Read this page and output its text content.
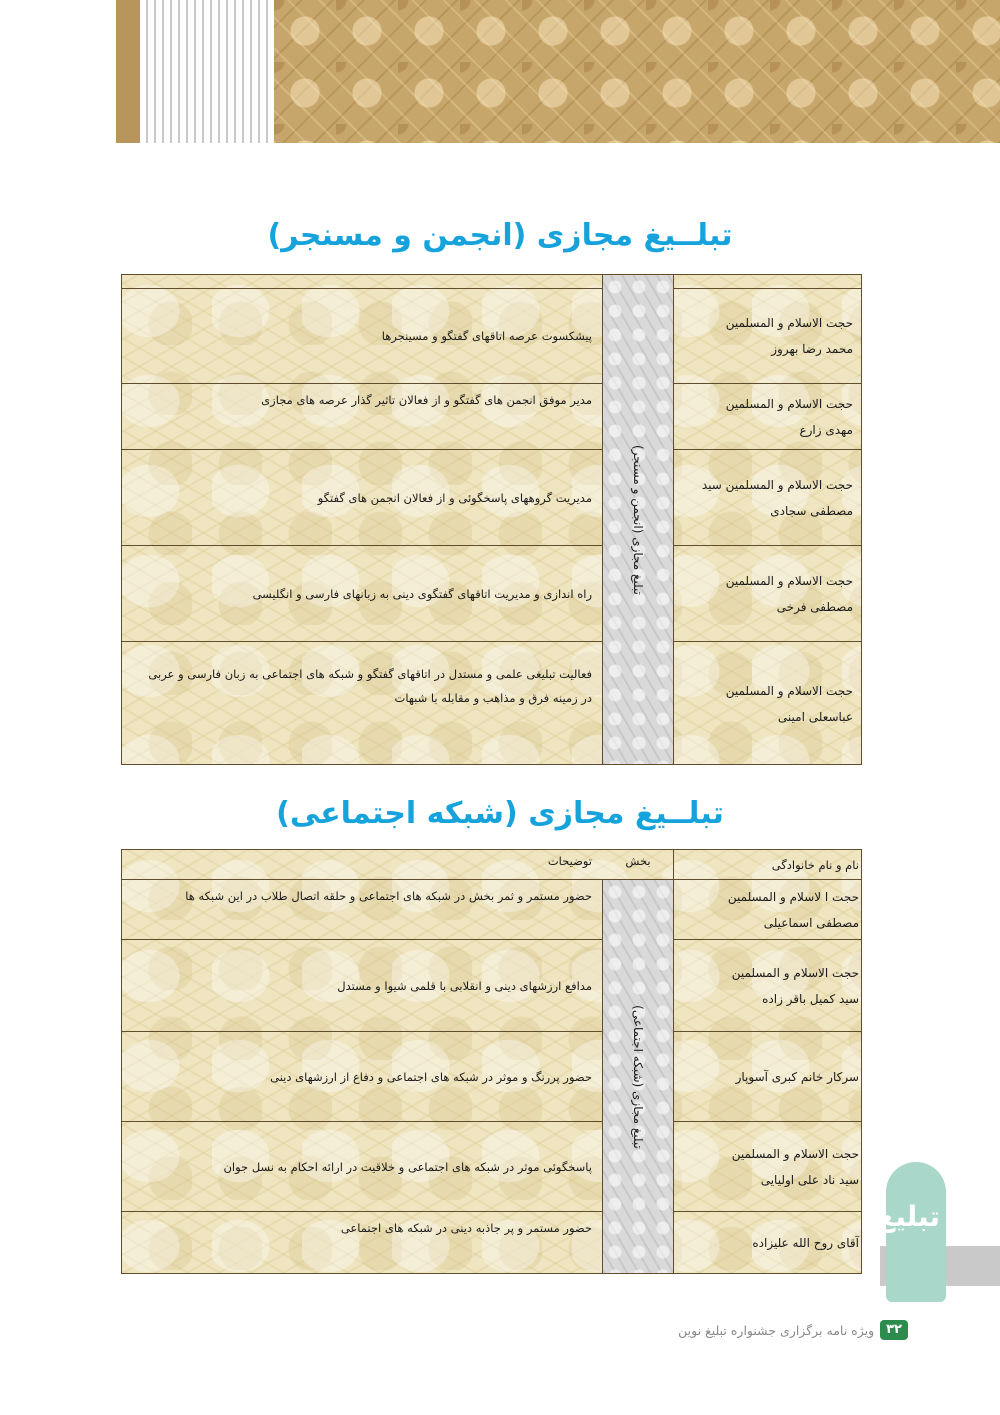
تبلــیغ مجازی (انجمن و مسنجر)
حجت الاسلام و المسلمین
محمد رضا بهروز
پیشکسوت عرصه اتاقهای گفتگو و مسینجرها
حجت الاسلام و المسلمین
مهدی زارع
مدیر موفق انجمن های گفتگو و از فعالان تاثیر گذار عرصه های مجازی
حجت الاسلام و المسلمین سید
مصطفی سجادی
مدیریت گروههای پاسخگوئی و از فعالان انجمن های گفتگو
حجت الاسلام و المسلمین
مصطفی فرخی
راه اندازی و مدیریت اتاقهای گفتگوی دینی به زبانهای فارسی و انگلیسی
حجت الاسلام و المسلمین
عباسعلی امینی
فعالیت تبلیغی علمی و مستدل در اتاقهای گفتگو و شبکه های اجتماعی به زبان فارسی و عربی در زمینه فرق و مذاهب و مقابله با شبهات
تبلیغ مجازی (انجمن و مسنجر)
تبلــیغ مجازی (شبکه اجتماعی)
نام و نام خانوادگی
توضیحات	بخش
حجت ا لاسلام و المسلمین
مصطفی اسماعیلی
حضور مستمر و ثمر بخش در شبکه های اجتماعی و حلقه اتصال طلاب در این شبکه ها
حجت الاسلام و المسلمین
سید کمیل باقر زاده
مدافع ارزشهای دینی و انقلابی با قلمی شیوا و مستدل
سرکار خانم کبری آسوپار
حضور پررنگ و موثر در شبکه های اجتماعی و دفاع از ارزشهای دینی
حجت الاسلام و المسلمین
سید ناد علی اولیایی
پاسخگوئی موثر در شبکه های اجتماعی و خلاقیت در ارائه احکام به نسل جوان
آقای روح الله علیزاده
حضور مستمر و پر جاذبه دینی در شبکه های اجتماعی
تبلیغ مجازی (شبکه اجتماعی)
تبلیغ
۳۲
ویژه نامه برگزاری جشنواره تبلیغ نوین
